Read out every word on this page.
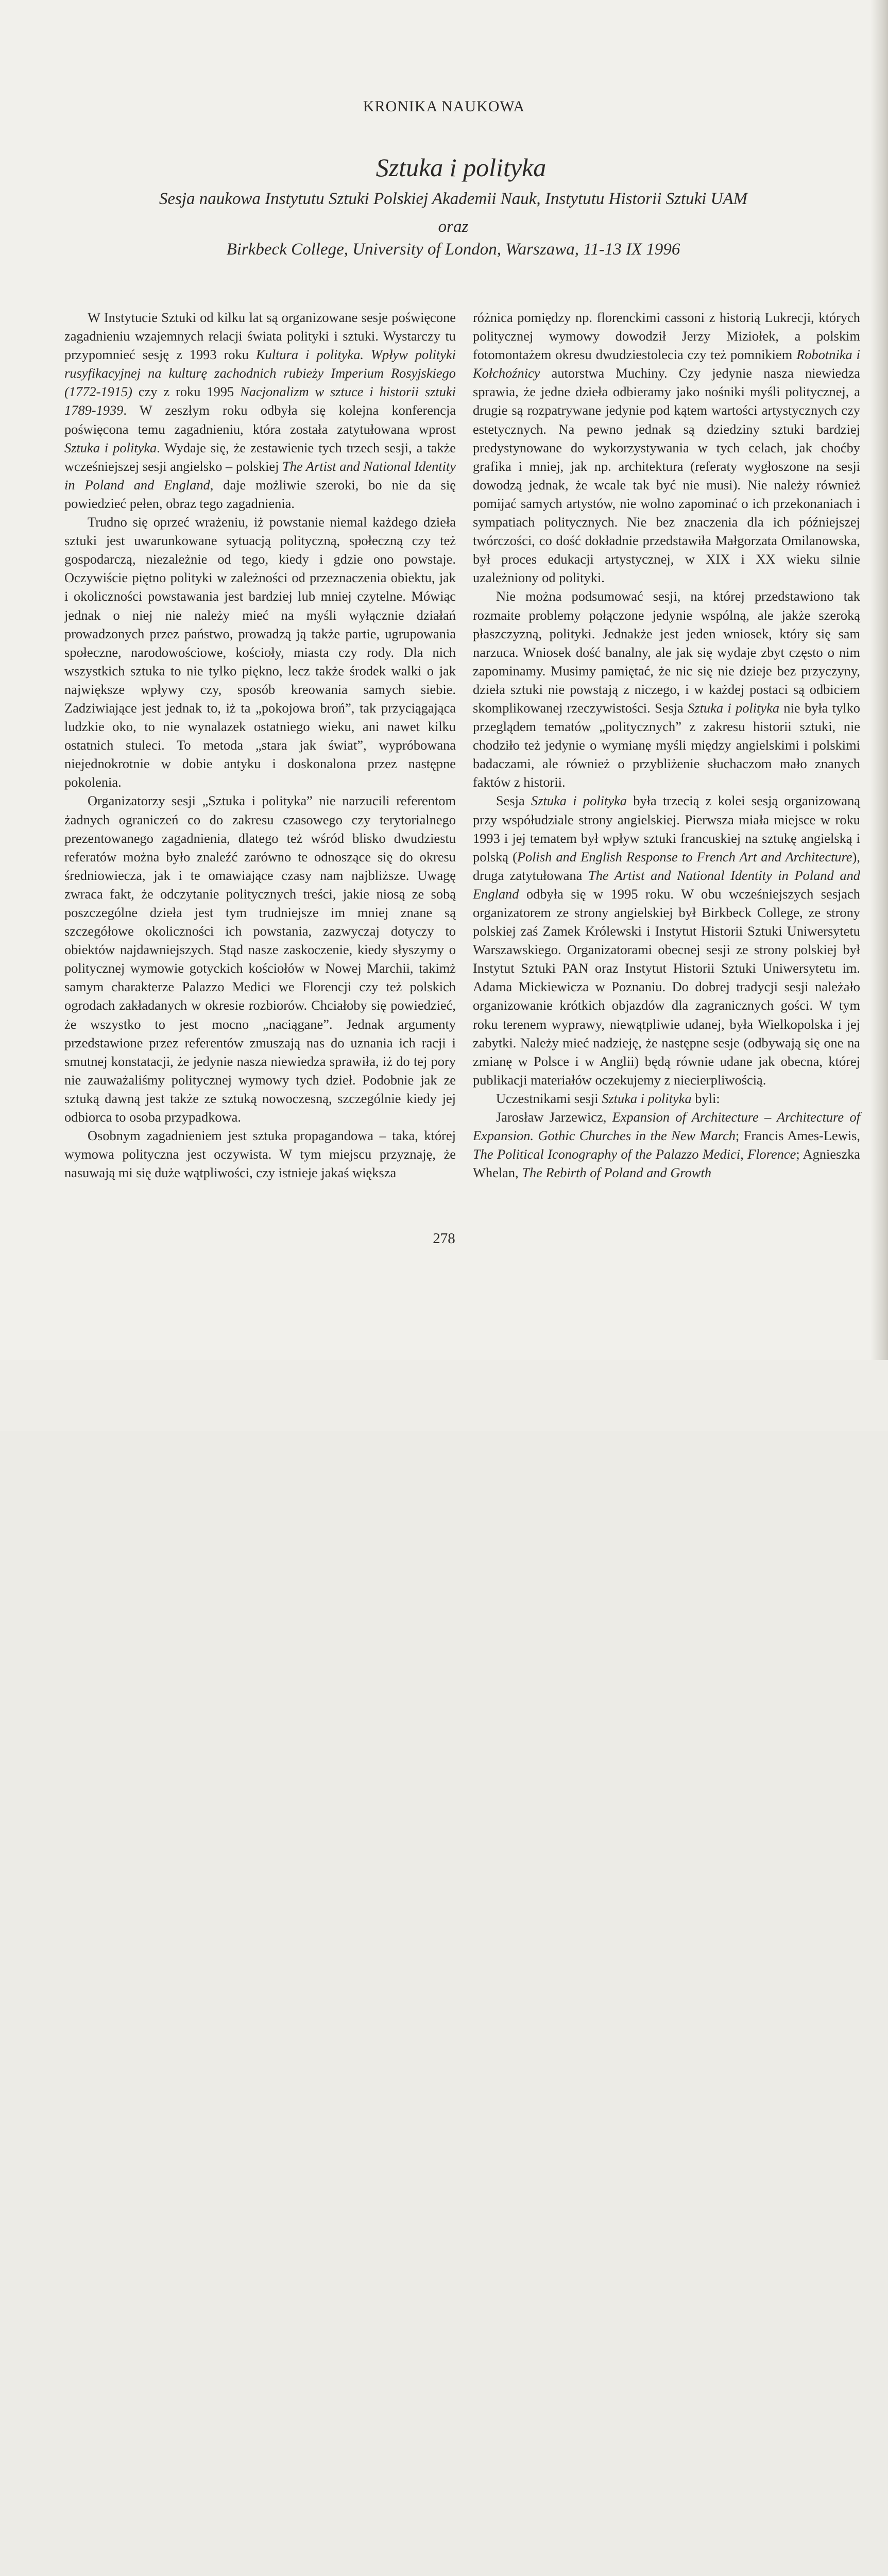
KRONIKA NAUKOWA
Sztuka i polityka
Sesja naukowa Instytutu Sztuki Polskiej Akademii Nauk, Instytutu Historii Sztuki UAM
oraz
Birkbeck College, University of London, Warszawa, 11-13 IX 1996

W Instytucie Sztuki od kilku lat są organizowane sesje poświęcone zagadnieniu wzajemnych relacji świata polityki i sztuki. Wystarczy tu przypomnieć sesję z 1993 roku Kultura i polityka. Wpływ polityki rusyfikacyjnej na kulturę zachodnich rubieży Imperium Rosyjskiego (1772-1915) czy z roku 1995 Nacjonalizm w sztuce i historii sztuki 1789-1939. W zeszłym roku odbyła się kolejna konferencja poświęcona temu zagadnieniu, która została zatytułowana wprost Sztuka i polityka. Wydaje się, że zestawienie tych trzech sesji, a także wcześniejszej sesji angielsko – polskiej The Artist and National Identity in Poland and England, daje możliwie szeroki, bo nie da się powiedzieć pełen, obraz tego zagadnienia.

Trudno się oprzeć wrażeniu, iż powstanie niemal każdego dzieła sztuki jest uwarunkowane sytuacją polityczną, społeczną czy też gospodarczą, niezależnie od tego, kiedy i gdzie ono powstaje. Oczywiście piętno polityki w zależności od przeznaczenia obiektu, jak i okoliczności powstawania jest bardziej lub mniej czytelne. Mówiąc jednak o niej nie należy mieć na myśli wyłącznie działań prowadzonych przez państwo, prowadzą ją także partie, ugrupowania społeczne, narodowościowe, kościoły, miasta czy rody. Dla nich wszystkich sztuka to nie tylko piękno, lecz także środek walki o jak największe wpływy czy, sposób kreowania samych siebie. Zadziwiające jest jednak to, iż ta „pokojowa broń”, tak przyciągająca ludzkie oko, to nie wynalazek ostatniego wieku, ani nawet kilku ostatnich stuleci. To metoda „stara jak świat”, wypróbowana niejednokrotnie w dobie antyku i doskonalona przez następne pokolenia.

Organizatorzy sesji „Sztuka i polityka” nie narzucili referentom żadnych ograniczeń co do zakresu czasowego czy terytorialnego prezentowanego zagadnienia, dlatego też wśród blisko dwudziestu referatów można było znaleźć zarówno te odnoszące się do okresu średniowiecza, jak i te omawiające czasy nam najbliższe. Uwagę zwraca fakt, że odczytanie politycznych treści, jakie niosą ze sobą poszczególne dzieła jest tym trudniejsze im mniej znane są szczegółowe okoliczności ich powstania, zazwyczaj dotyczy to obiektów najdawniejszych. Stąd nasze zaskoczenie, kiedy słyszymy o politycznej wymowie gotyckich kościołów w Nowej Marchii, takimż samym charakterze Palazzo Medici we Florencji czy też polskich ogrodach zakładanych w okresie rozbiorów. Chciałoby się powiedzieć, że wszystko to jest mocno „naciągane”. Jednak argumenty przedstawione przez referentów zmuszają nas do uznania ich racji i smutnej konstatacji, że jedynie nasza niewiedza sprawiła, iż do tej pory nie zauważaliśmy politycznej wymowy tych dzieł. Podobnie jak ze sztuką dawną jest także ze sztuką nowoczesną, szczególnie kiedy jej odbiorca to osoba przypadkowa.

Osobnym zagadnieniem jest sztuka propagandowa – taka, której wymowa polityczna jest oczywista. W tym miejscu przyznaję, że nasuwają mi się duże wątpliwości, czy istnieje jakaś większa

różnica pomiędzy np. florenckimi cassoni z historią Lukrecji, których politycznej wymowy dowodził Jerzy Miziołek, a polskim fotomontażem okresu dwudziestolecia czy też pomnikiem Robotnika i Kołchoźnicy autorstwa Muchiny. Czy jedynie nasza niewiedza sprawia, że jedne dzieła odbieramy jako nośniki myśli politycznej, a drugie są rozpatrywane jedynie pod kątem wartości artystycznych czy estetycznych. Na pewno jednak są dziedziny sztuki bardziej predystynowane do wykorzystywania w tych celach, jak choćby grafika i mniej, jak np. architektura (referaty wygłoszone na sesji dowodzą jednak, że wcale tak być nie musi). Nie należy również pomijać samych artystów, nie wolno zapominać o ich przekonaniach i sympatiach politycznych. Nie bez znaczenia dla ich późniejszej twórczości, co dość dokładnie przedstawiła Małgorzata Omilanowska, był proces edukacji artystycznej, w XIX i XX wieku silnie uzależniony od polityki.

Nie można podsumować sesji, na której przedstawiono tak rozmaite problemy połączone jedynie wspólną, ale jakże szeroką płaszczyzną, polityki. Jednakże jest jeden wniosek, który się sam narzuca. Wniosek dość banalny, ale jak się wydaje zbyt często o nim zapominamy. Musimy pamiętać, że nic się nie dzieje bez przyczyny, dzieła sztuki nie powstają z niczego, i w każdej postaci są odbiciem skomplikowanej rzeczywistości. Sesja Sztuka i polityka nie była tylko przeglądem tematów „politycznych” z zakresu historii sztuki, nie chodziło też jedynie o wymianę myśli między angielskimi i polskimi badaczami, ale również o przybliżenie słuchaczom mało znanych faktów z historii.

Sesja Sztuka i polityka była trzecią z kolei sesją organizowaną przy współudziale strony angielskiej. Pierwsza miała miejsce w roku 1993 i jej tematem był wpływ sztuki francuskiej na sztukę angielską i polską (Polish and English Response to French Art and Architecture), druga zatytułowana The Artist and National Identity in Poland and England odbyła się w 1995 roku. W obu wcześniejszych sesjach organizatorem ze strony angielskiej był Birkbeck College, ze strony polskiej zaś Zamek Królewski i Instytut Historii Sztuki Uniwersytetu Warszawskiego. Organizatorami obecnej sesji ze strony polskiej był Instytut Sztuki PAN oraz Instytut Historii Sztuki Uniwersytetu im. Adama Mickiewicza w Poznaniu. Do dobrej tradycji sesji należało organizowanie krótkich objazdów dla zagranicznych gości. W tym roku terenem wyprawy, niewątpliwie udanej, była Wielkopolska i jej zabytki. Należy mieć nadzieję, że następne sesje (odbywają się one na zmianę w Polsce i w Anglii) będą równie udane jak obecna, której publikacji materiałów oczekujemy z niecierpliwością.

Uczestnikami sesji Sztuka i polityka byli:

Jarosław Jarzewicz, Expansion of Architecture – Architecture of Expansion. Gothic Churches in the New March; Francis Ames-Lewis, The Political Iconography of the Palazzo Medici, Florence; Agnieszka Whelan, The Rebirth of Poland and Growth

278
